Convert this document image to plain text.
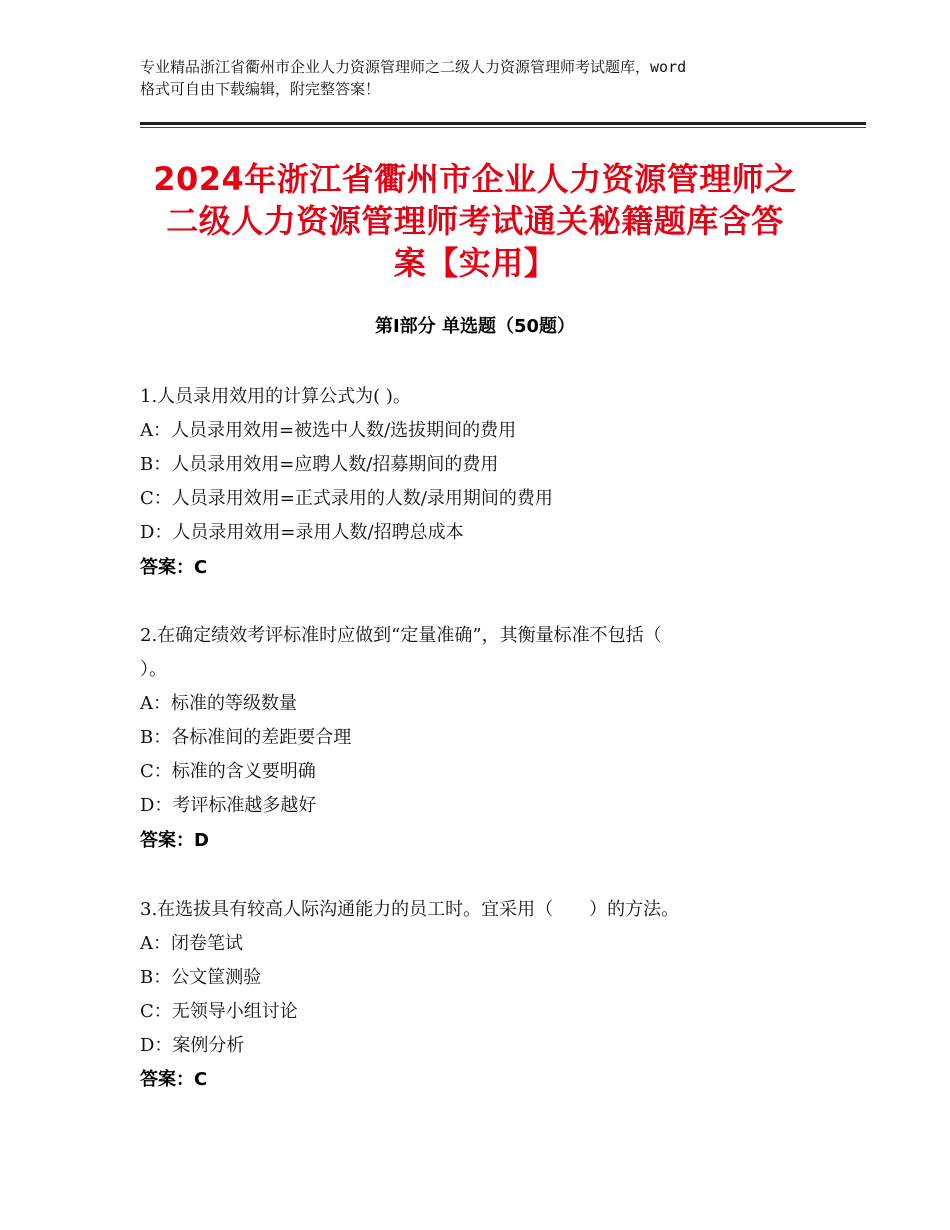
专业精品浙江省衢州市企业人力资源管理师之二级人力资源管理师考试题库，word
格式可自由下载编辑，附完整答案！
2024年浙江省衢州市企业人力资源管理师之
二级人力资源管理师考试通关秘籍题库含答
案【实用】
第Ⅰ部分 单选题（50题）
1.人员录用效用的计算公式为( )。
A：人员录用效用=被选中人数/选拔期间的费用
B：人员录用效用=应聘人数/招募期间的费用
C：人员录用效用=正式录用的人数/录用期间的费用
D：人员录用效用=录用人数/招聘总成本
答案：C
2.在确定绩效考评标准时应做到“定量准确”，其衡量标准不包括（
）。
A：标准的等级数量
B：各标准间的差距要合理
C：标准的含义要明确
D：考评标准越多越好
答案：D
3.在选拔具有较高人际沟通能力的员工时。宜采用（　　）的方法。
A：闭卷笔试
B：公文筐测验
C：无领导小组讨论
D：案例分析
答案：C
